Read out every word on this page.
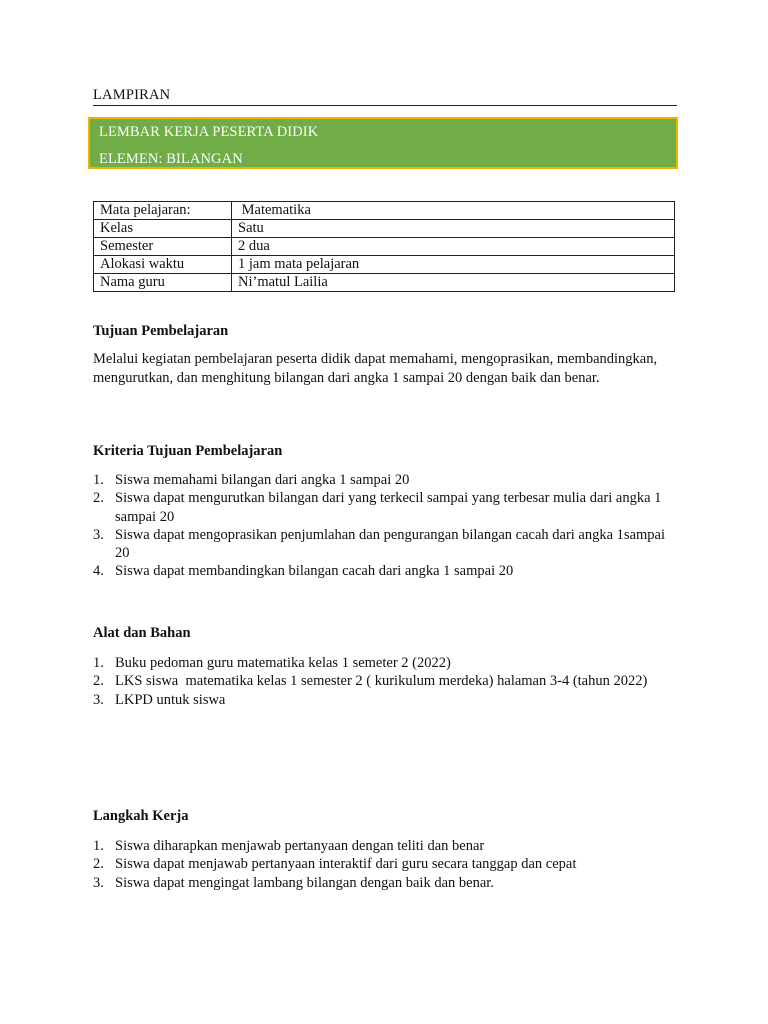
LAMPIRAN
LEMBAR KERJA PESERTA DIDIK
ELEMEN: BILANGAN
Mata pelajaran:	Matematika
Kelas	Satu
Semester	2 dua
Alokasi waktu	1 jam mata pelajaran
Nama guru	Ni’matul Lailia
Tujuan Pembelajaran
Melalui kegiatan pembelajaran peserta didik dapat memahami, mengoprasikan, membandingkan, mengurutkan, dan menghitung bilangan dari angka 1 sampai 20 dengan baik dan benar.
Kriteria Tujuan Pembelajaran
1. Siswa memahami bilangan dari angka 1 sampai 20
2. Siswa dapat mengurutkan bilangan dari yang terkecil sampai yang terbesar mulia dari angka 1 sampai 20
3. Siswa dapat mengoprasikan penjumlahan dan pengurangan bilangan cacah dari angka 1sampai 20
4. Siswa dapat membandingkan bilangan cacah dari angka 1 sampai 20
Alat dan Bahan
1. Buku pedoman guru matematika kelas 1 semeter 2 (2022)
2. LKS siswa  matematika kelas 1 semester 2 ( kurikulum merdeka) halaman 3-4 (tahun 2022)
3. LKPD untuk siswa
Langkah Kerja
1. Siswa diharapkan menjawab pertanyaan dengan teliti dan benar
2. Siswa dapat menjawab pertanyaan interaktif dari guru secara tanggap dan cepat
3. Siswa dapat mengingat lambang bilangan dengan baik dan benar.
